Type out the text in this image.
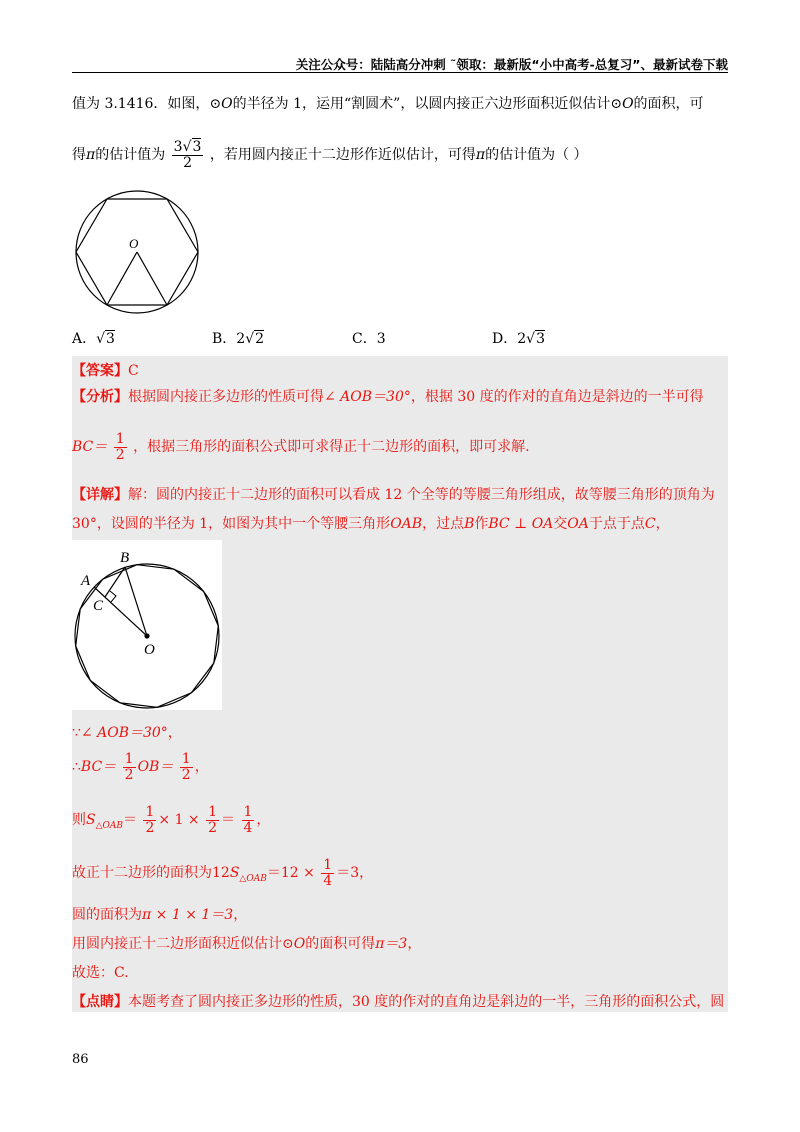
关注公众号：陆陆高分冲刺 ˜领取：最新版“小中高考-总复习”、最新试卷下载
值为 3.1416．如图，⊙O的半径为 1，运用“割圆术”，以圆内接正六边形面积近似估计⊙O的面积，可
得π的估计值为 $\frac{3√3}{2}$ ，若用圆内接正十二边形作近似估计，可得π的估计值为（ ）
O
A．√3	B．2√2	C．3	D．2√3
【答案】C
【分析】根据圆内接正多边形的性质可得∠ AOB＝30°，根据 30 度的作对的直角边是斜边的一半可得
$BC= \frac{1}{2}$ ，根据三角形的面积公式即可求得正十二边形的面积，即可求解.
【详解】解：圆的内接正十二边形的面积可以看成 12 个全等的等腰三角形组成，故等腰三角形的顶角为
30°，设圆的半径为 1，如图为其中一个等腰三角形OAB，过点B作BC ⊥ OA交OA于点于点C，
B
A
C
O
∵∠ AOB＝30°，
∴BC＝ $\frac{1}{2} OB= \frac{1}{2}$ ，
则$S_{\triangle OAB}= \frac{1}{2} \times 1 \times \frac{1}{2} = \frac{1}{4}$ ，
故正十二边形的面积为$12S_{\triangle OAB}=12 \times \frac{1}{4} =3$，
圆的面积为π × 1 × 1＝3，
用圆内接正十二边形面积近似估计⊙O的面积可得π＝3，
故选：C.
【点睛】本题考查了圆内接正多边形的性质，30 度的作对的直角边是斜边的一半，三角形的面积公式，圆
86
